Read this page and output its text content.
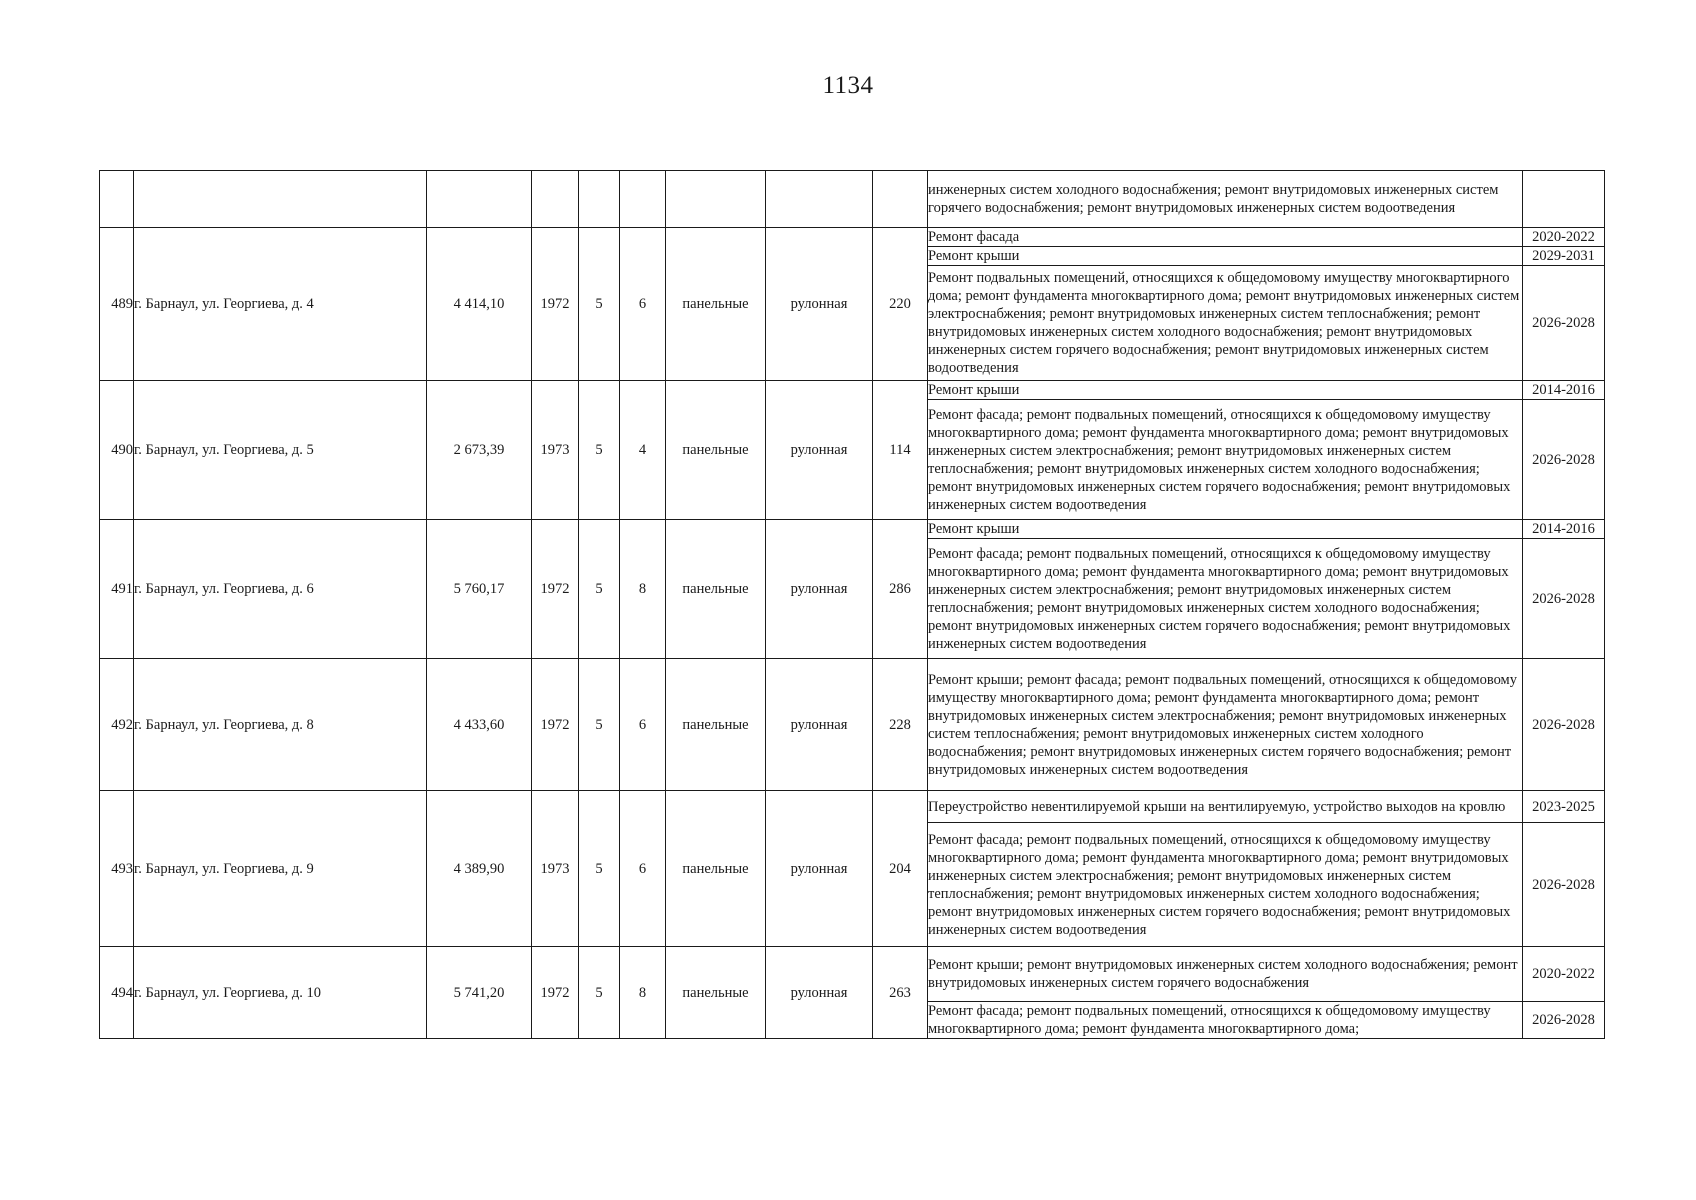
1134
									инженерных систем холодного водоснабжения; ремонт внутридомовых инженерных систем горячего водоснабжения; ремонт внутридомовых инженерных систем водоотведения	
489	г. Барнаул, ул. Георгиева, д. 4	4 414,10	1972	5	6	панельные	рулонная	220	Ремонт фасада	2020-2022
									Ремонт крыши	2029-2031
									Ремонт подвальных помещений, относящихся к общедомовому имуществу многоквартирного дома; ремонт фундамента многоквартирного дома; ремонт внутридомовых инженерных систем электроснабжения; ремонт внутридомовых инженерных систем теплоснабжения; ремонт внутридомовых инженерных систем холодного водоснабжения; ремонт внутридомовых инженерных систем горячего водоснабжения; ремонт внутридомовых инженерных систем водоотведения	2026-2028
490	г. Барнаул, ул. Георгиева, д. 5	2 673,39	1973	5	4	панельные	рулонная	114	Ремонт крыши	2014-2016
									Ремонт фасада; ремонт подвальных помещений, относящихся к общедомовому имуществу многоквартирного дома; ремонт фундамента многоквартирного дома; ремонт внутридомовых инженерных систем электроснабжения; ремонт внутридомовых инженерных систем теплоснабжения; ремонт внутридомовых инженерных систем холодного водоснабжения; ремонт внутридомовых инженерных систем горячего водоснабжения; ремонт внутридомовых инженерных систем водоотведения	2026-2028
491	г. Барнаул, ул. Георгиева, д. 6	5 760,17	1972	5	8	панельные	рулонная	286	Ремонт крыши	2014-2016
									Ремонт фасада; ремонт подвальных помещений, относящихся к общедомовому имуществу многоквартирного дома; ремонт фундамента многоквартирного дома; ремонт внутридомовых инженерных систем электроснабжения; ремонт внутридомовых инженерных систем теплоснабжения; ремонт внутридомовых инженерных систем холодного водоснабжения; ремонт внутридомовых инженерных систем горячего водоснабжения; ремонт внутридомовых инженерных систем водоотведения	2026-2028
492	г. Барнаул, ул. Георгиева, д. 8	4 433,60	1972	5	6	панельные	рулонная	228	Ремонт крыши; ремонт фасада; ремонт подвальных помещений, относящихся к общедомовому имуществу многоквартирного дома; ремонт фундамента многоквартирного дома; ремонт внутридомовых инженерных систем электроснабжения; ремонт внутридомовых инженерных систем теплоснабжения; ремонт внутридомовых инженерных систем холодного водоснабжения; ремонт внутридомовых инженерных систем горячего водоснабжения; ремонт внутридомовых инженерных систем водоотведения	2026-2028
493	г. Барнаул, ул. Георгиева, д. 9	4 389,90	1973	5	6	панельные	рулонная	204	Переустройство невентилируемой крыши на вентилируемую, устройство выходов на кровлю	2023-2025
									Ремонт фасада; ремонт подвальных помещений, относящихся к общедомовому имуществу многоквартирного дома; ремонт фундамента многоквартирного дома; ремонт внутридомовых инженерных систем электроснабжения; ремонт внутридомовых инженерных систем теплоснабжения; ремонт внутридомовых инженерных систем холодного водоснабжения; ремонт внутридомовых инженерных систем горячего водоснабжения; ремонт внутридомовых инженерных систем водоотведения	2026-2028
494	г. Барнаул, ул. Георгиева, д. 10	5 741,20	1972	5	8	панельные	рулонная	263	Ремонт крыши; ремонт внутридомовых инженерных систем холодного водоснабжения; ремонт внутридомовых инженерных систем горячего водоснабжения	2020-2022
									Ремонт фасада; ремонт подвальных помещений, относящихся к общедомовому имуществу многоквартирного дома; ремонт фундамента многоквартирного дома;	2026-2028
